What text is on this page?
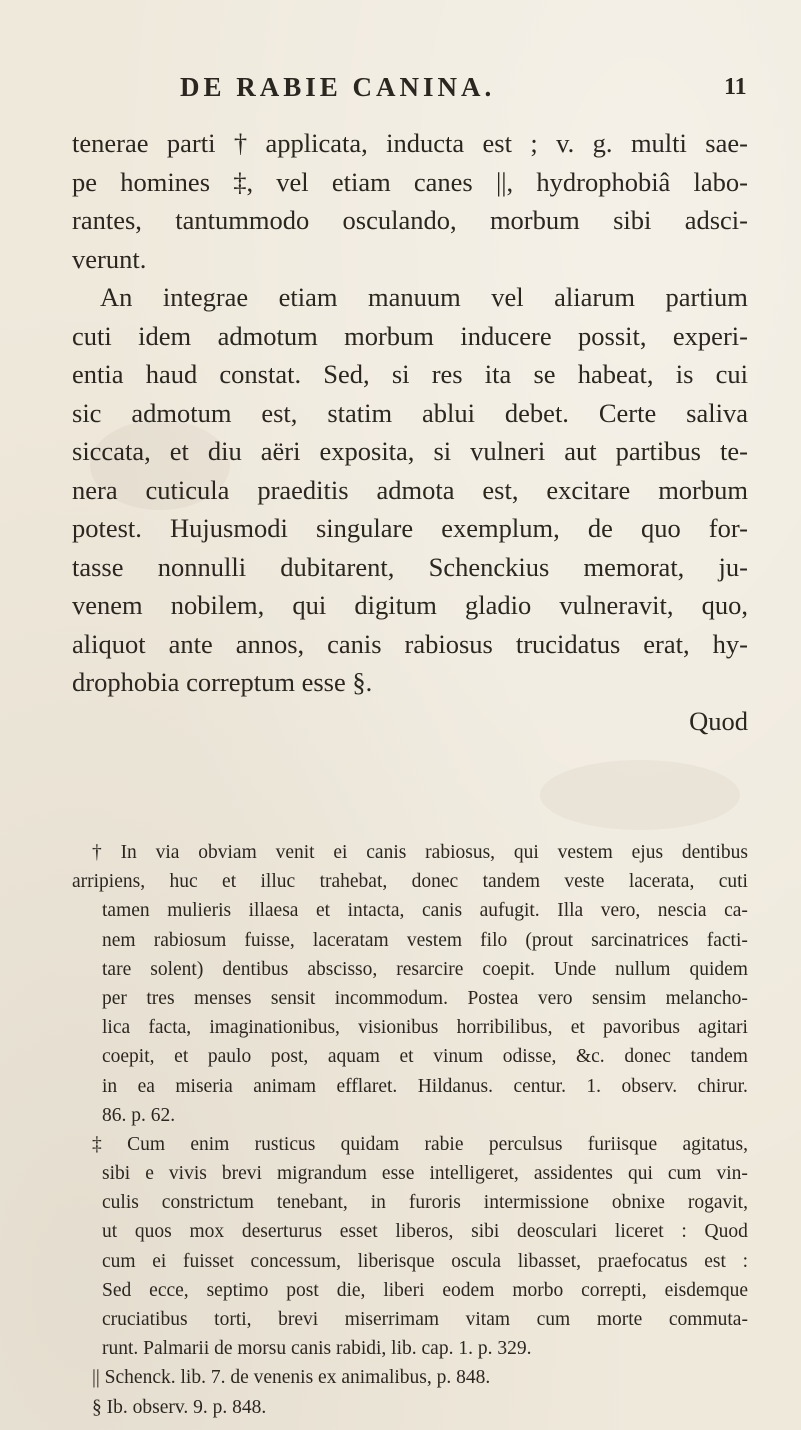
DE RABIE CANINA.	11
tenerae parti † applicata, inducta est ; v. g. multi sae-
pe homines ‡, vel etiam canes ||, hydrophobiâ labo-
rantes, tantummodo osculando, morbum sibi adsci-
verunt.
An integrae etiam manuum vel aliarum partium
cuti idem admotum morbum inducere possit, experi-
entia haud constat. Sed, si res ita se habeat, is cui
sic admotum est, statim ablui debet. Certe saliva
siccata, et diu aëri exposita, si vulneri aut partibus te-
nera cuticula praeditis admota est, excitare morbum
potest. Hujusmodi singulare exemplum, de quo for-
tasse nonnulli dubitarent, Schenckius memorat, ju-
venem nobilem, qui digitum gladio vulneravit, quo,
aliquot ante annos, canis rabiosus trucidatus erat, hy-
drophobia correptum esse §.
Quod
† In via obviam venit ei canis rabiosus, qui vestem ejus dentibus
arripiens, huc et illuc trahebat, donec tandem veste lacerata, cuti
tamen mulieris illaesa et intacta, canis aufugit. Illa vero, nescia ca-
nem rabiosum fuisse, laceratam vestem filo (prout sarcinatrices facti-
tare solent) dentibus abscisso, resarcire coepit. Unde nullum quidem
per tres menses sensit incommodum. Postea vero sensim melancho-
lica facta, imaginationibus, visionibus horribilibus, et pavoribus agitari
coepit, et paulo post, aquam et vinum odisse, &c. donec tandem
in ea miseria animam efflaret. Hildanus. centur. 1. observ. chirur.
86. p. 62.
‡ Cum enim rusticus quidam rabie perculsus furiisque agitatus,
sibi e vivis brevi migrandum esse intelligeret, assidentes qui cum vin-
culis constrictum tenebant, in furoris intermissione obnixe rogavit,
ut quos mox deserturus esset liberos, sibi deosculari liceret : Quod
cum ei fuisset concessum, liberisque oscula libasset, praefocatus est :
Sed ecce, septimo post die, liberi eodem morbo correpti, eisdemque
cruciatibus torti, brevi miserrimam vitam cum morte commuta-
runt. Palmarii de morsu canis rabidi, lib. cap. 1. p. 329.
|| Schenck. lib. 7. de venenis ex animalibus, p. 848.
§ Ib. observ. 9. p. 848.
